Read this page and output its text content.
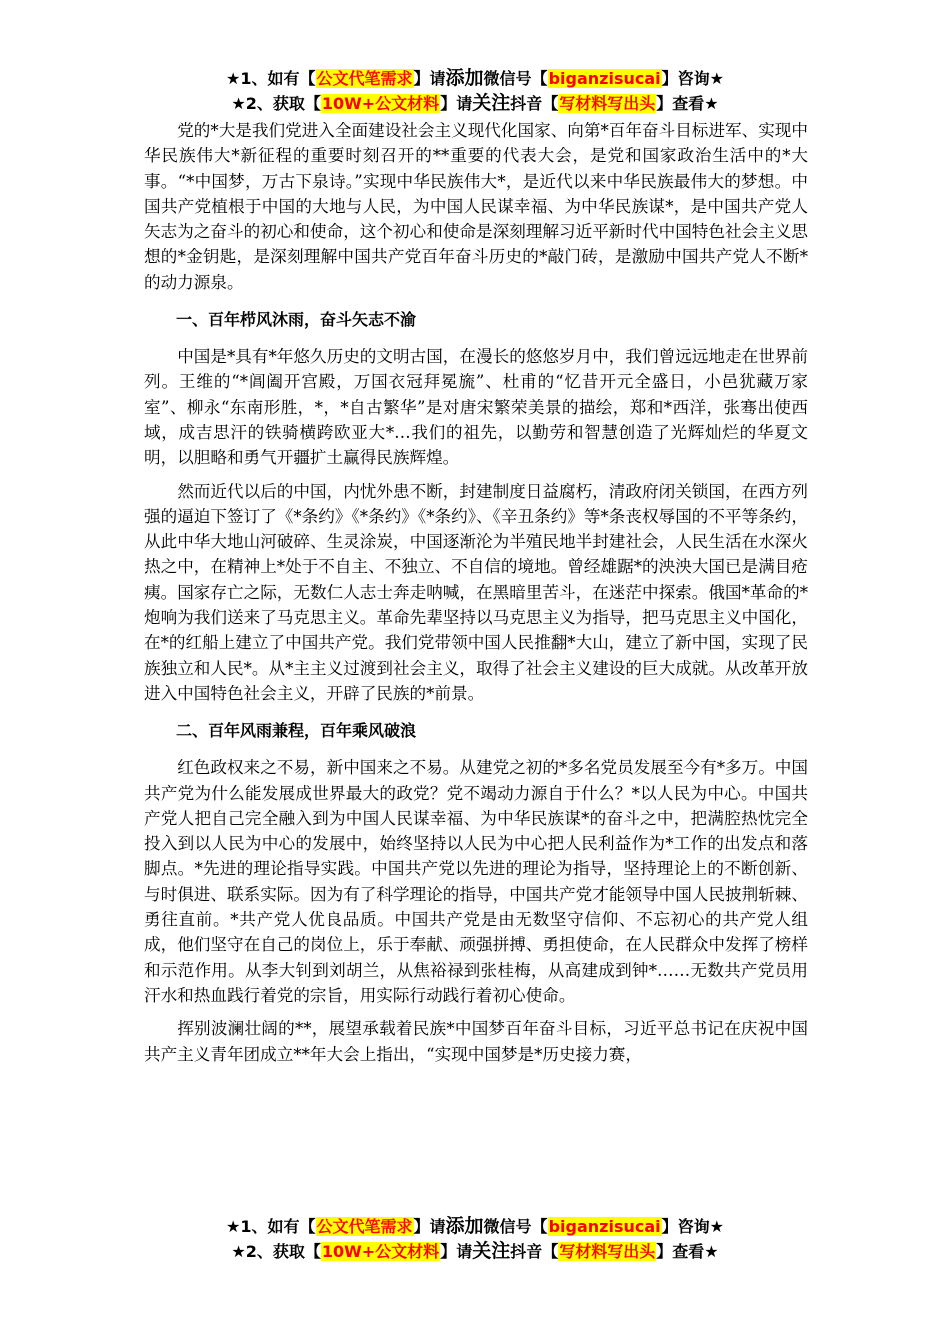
★1、如有【公文代笔需求】请添加微信号【biganzisucai】咨询★
★2、获取【10W+公文材料】请关注抖音【写材料写出头】查看★

党的*大是我们党进入全面建设社会主义现代化国家、向第*百年奋斗目标进军、实现中华民族伟大*新征程的重要时刻召开的**重要的代表大会，是党和国家政治生活中的*大事。“*中国梦，万古下泉诗。”实现中华民族伟大*，是近代以来中华民族最伟大的梦想。中国共产党植根于中国的大地与人民，为中国人民谋幸福、为中华民族谋*，是中国共产党人矢志为之奋斗的初心和使命，这个初心和使命是深刻理解习近平新时代中国特色社会主义思想的*金钥匙，是深刻理解中国共产党百年奋斗历史的*敲门砖，是激励中国共产党人不断*的动力源泉。

一、百年栉风沐雨，奋斗矢志不渝

中国是*具有*年悠久历史的文明古国，在漫长的悠悠岁月中，我们曾远远地走在世界前列。王维的“*阊阖开宫殿，万国衣冠拜冕旒”、杜甫的“忆昔开元全盛日，小邑犹藏万家室”、柳永“东南形胜，*，*自古繁华”是对唐宋繁荣美景的描绘，郑和*西洋，张骞出使西域，成吉思汗的铁骑横跨欧亚大*…我们的祖先，以勤劳和智慧创造了光辉灿烂的华夏文明，以胆略和勇气开疆扩土赢得民族辉煌。

然而近代以后的中国，内忧外患不断，封建制度日益腐朽，清政府闭关锁国，在西方列强的逼迫下签订了《*条约》《*条约》《*条约》、《辛丑条约》等*条丧权辱国的不平等条约，从此中华大地山河破碎、生灵涂炭，中国逐渐沦为半殖民地半封建社会，人民生活在水深火热之中，在精神上*处于不自主、不独立、不自信的境地。曾经雄踞*的泱泱大国已是满目疮痍。国家存亡之际，无数仁人志士奔走呐喊，在黑暗里苦斗，在迷茫中探索。俄国*革命的*炮响为我们送来了马克思主义。革命先辈坚持以马克思主义为指导，把马克思主义中国化，在*的红船上建立了中国共产党。我们党带领中国人民推翻*大山，建立了新中国，实现了民族独立和人民*。从*主主义过渡到社会主义，取得了社会主义建设的巨大成就。从改革开放进入中国特色社会主义，开辟了民族的*前景。

二、百年风雨兼程，百年乘风破浪

红色政权来之不易，新中国来之不易。从建党之初的*多名党员发展至今有*多万。中国共产党为什么能发展成世界最大的政党？党不竭动力源自于什么？*以人民为中心。中国共产党人把自己完全融入到为中国人民谋幸福、为中华民族谋*的奋斗之中，把满腔热忱完全投入到以人民为中心的发展中，始终坚持以人民为中心把人民利益作为*工作的出发点和落脚点。*先进的理论指导实践。中国共产党以先进的理论为指导，坚持理论上的不断创新、与时俱进、联系实际。因为有了科学理论的指导，中国共产党才能领导中国人民披荆斩棘、勇往直前。*共产党人优良品质。中国共产党是由无数坚守信仰、不忘初心的共产党人组成，他们坚守在自己的岗位上，乐于奉献、顽强拼搏、勇担使命，在人民群众中发挥了榜样和示范作用。从李大钊到刘胡兰，从焦裕禄到张桂梅，从高建成到钟*……无数共产党员用汗水和热血践行着党的宗旨，用实际行动践行着初心使命。

挥别波澜壮阔的**，展望承载着民族*中国梦百年奋斗目标，习近平总书记在庆祝中国共产主义青年团成立**年大会上指出，“实现中国梦是*历史接力赛，

★1、如有【公文代笔需求】请添加微信号【biganzisucai】咨询★
★2、获取【10W+公文材料】请关注抖音【写材料写出头】查看★
